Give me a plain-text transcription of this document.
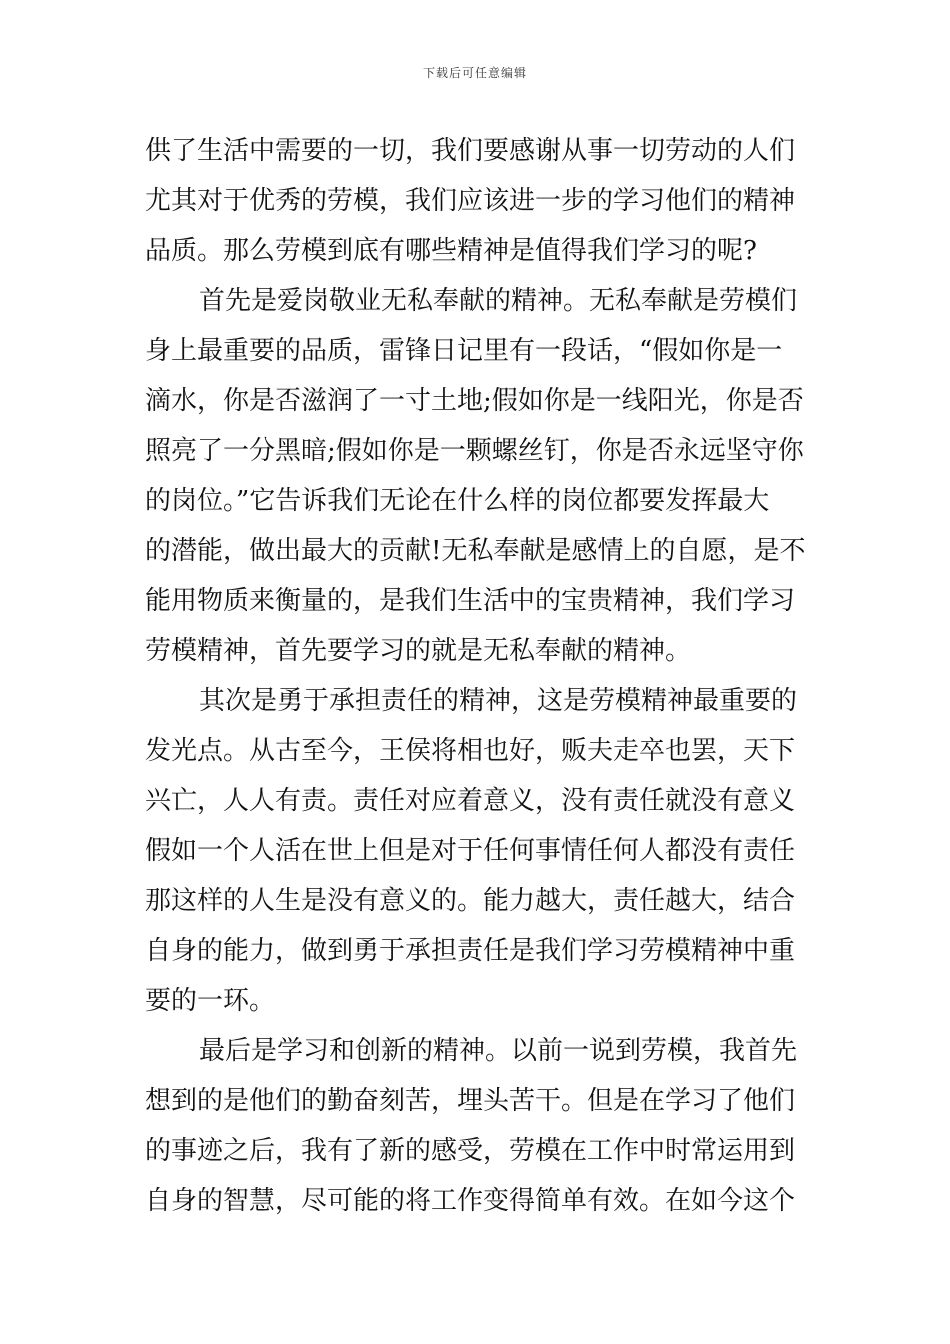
下载后可任意编辑
供了生活中需要的一切，我们要感谢从事一切劳动的人们
尤其对于优秀的劳模，我们应该进一步的学习他们的精神
品质。那么劳模到底有哪些精神是值得我们学习的呢?
首先是爱岗敬业无私奉献的精神。无私奉献是劳模们
身上最重要的品质，雷锋日记里有一段话，“假如你是一
滴水，你是否滋润了一寸土地;假如你是一线阳光，你是否
照亮了一分黑暗;假如你是一颗螺丝钉，你是否永远坚守你
的岗位。”它告诉我们无论在什么样的岗位都要发挥最大
的潜能，做出最大的贡献!无私奉献是感情上的自愿，是不
能用物质来衡量的，是我们生活中的宝贵精神，我们学习
劳模精神，首先要学习的就是无私奉献的精神。
其次是勇于承担责任的精神，这是劳模精神最重要的
发光点。从古至今，王侯将相也好，贩夫走卒也罢，天下
兴亡，人人有责。责任对应着意义，没有责任就没有意义
假如一个人活在世上但是对于任何事情任何人都没有责任
那这样的人生是没有意义的。能力越大，责任越大，结合
自身的能力，做到勇于承担责任是我们学习劳模精神中重
要的一环。
最后是学习和创新的精神。以前一说到劳模，我首先
想到的是他们的勤奋刻苦，埋头苦干。但是在学习了他们
的事迹之后，我有了新的感受，劳模在工作中时常运用到
自身的智慧，尽可能的将工作变得简单有效。在如今这个
